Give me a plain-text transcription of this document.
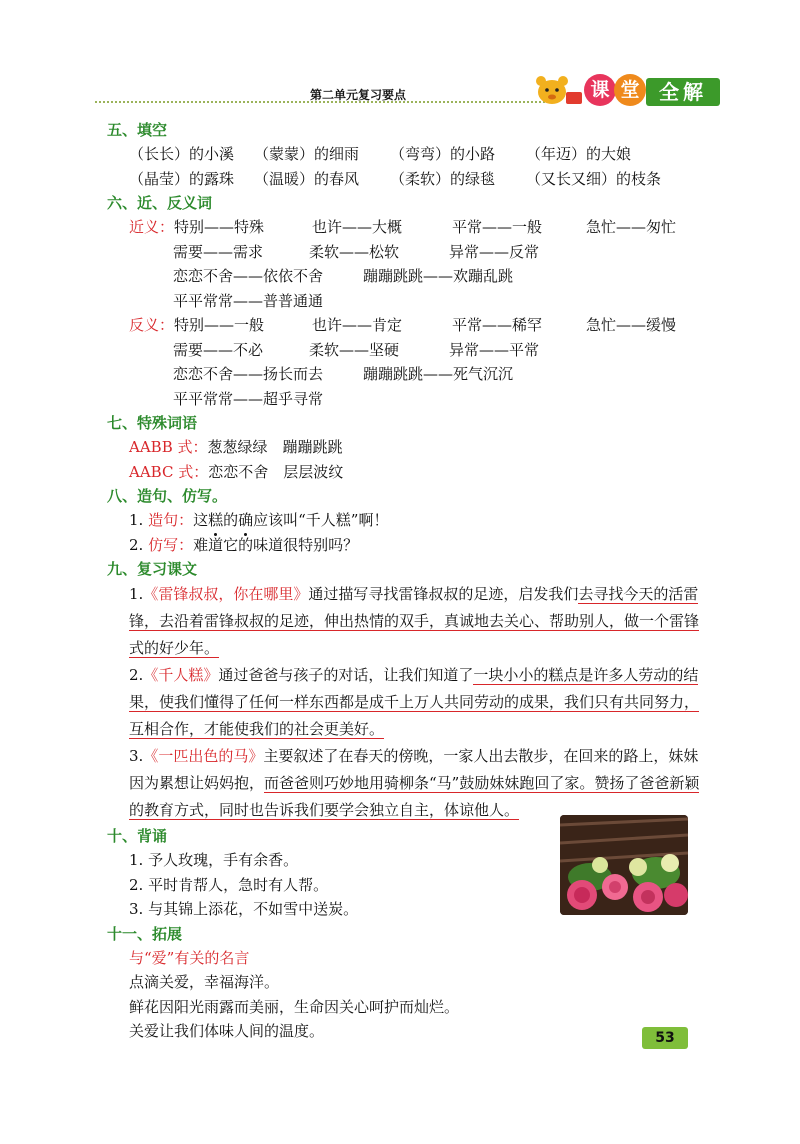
第二单元复习要点	课 堂 全解
五、填空
（长长）的小溪 （蒙蒙）的细雨 （弯弯）的小路 （年迈）的大娘
（晶莹）的露珠 （温暖）的春风 （柔软）的绿毯 （又长又细）的枝条
六、近、反义词
近义：特别——特殊	也许——大概	平常——一般	急忙——匆忙
需要——需求	柔软——松软	异常——反常
恋恋不舍——依依不舍	蹦蹦跳跳——欢蹦乱跳
平平常常——普普通通
反义：特别——一般	也许——肯定	平常——稀罕	急忙——缓慢
需要——不必	柔软——坚硬	异常——平常
恋恋不舍——扬长而去	蹦蹦跳跳——死气沉沉
平平常常——超乎寻常
七、特殊词语
AABB 式：葱葱绿绿　蹦蹦跳跳
AABC 式：恋恋不舍　层层波纹
八、造句、仿写。
1. 造句：这糕的确应该叫“千人糕”啊！
2. 仿写：难道它的味道很特别吗？
九、复习课文
1.《雷锋叔叔，你在哪里》通过描写寻找雷锋叔叔的足迹，启发我们去寻找今天的活雷锋，去沿着雷锋叔叔的足迹，伸出热情的双手，真诚地去关心、帮助别人，做一个雷锋式的好少年。
2.《千人糕》通过爸爸与孩子的对话，让我们知道了一块小小的糕点是许多人劳动的结果，使我们懂得了任何一样东西都是成千上万人共同劳动的成果，我们只有共同努力，互相合作，才能使我们的社会更美好。
3.《一匹出色的马》主要叙述了在春天的傍晚，一家人出去散步，在回来的路上，妹妹因为累想让妈妈抱，而爸爸则巧妙地用骑柳条“马”鼓励妹妹跑回了家。赞扬了爸爸新颖的教育方式，同时也告诉我们要学会独立自主，体谅他人。
十、背诵
1. 予人玫瑰，手有余香。
2. 平时肯帮人，急时有人帮。
3. 与其锦上添花，不如雪中送炭。
十一、拓展
与“爱”有关的名言
点滴关爱，幸福海洋。
鲜花因阳光雨露而美丽，生命因关心呵护而灿烂。
关爱让我们体味人间的温度。	53
